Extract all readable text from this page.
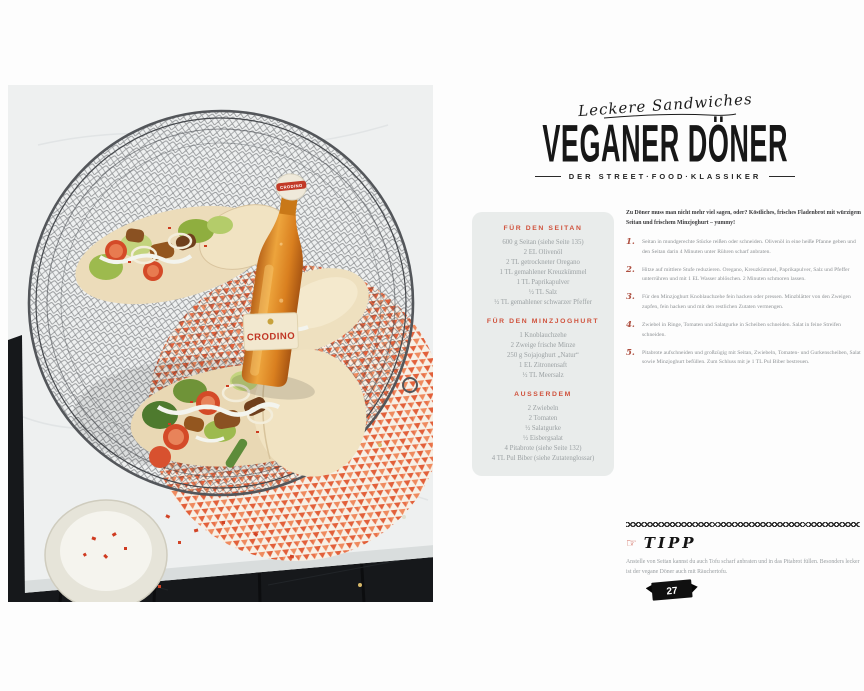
CRODINO
CRODINO
Leckere Sandwiches
VEGANER DÖNER
DER STREET·FOOD·KLASSIKER
FÜR DEN SEITAN
600 g Seitan (siehe Seite 135)
2 EL Olivenöl
2 TL getrockneter Oregano
1 TL gemahlener Kreuzkümmel
1 TL Paprikapulver
½ TL Salz
½ TL gemahlener schwarzer Pfeffer
FÜR DEN MINZJOGHURT
1 Knoblauchzehe
2 Zweige frische Minze
250 g Sojajoghurt „Natur“
1 EL Zitronensaft
½ TL Meersalz
AUSSERDEM
2 Zwiebeln
2 Tomaten
½ Salatgurke
½ Eisbergsalat
4 Pitabrote (siehe Seite 132)
4 TL Pul Biber (siehe Zutatenglossar)

Zu Döner muss man nicht mehr viel sagen, oder? Köstliches, frisches Fladenbrot mit würzigem Seitan und frischem Minzjoghurt – yummy!

1.	Seitan in mundgerechte Stücke reißen oder schneiden. Olivenöl in eine heiße Pfanne geben und den Seitan darin 4 Minuten unter Rühren scharf anbraten.
2.	Hitze auf mittlere Stufe reduzieren. Oregano, Kreuzkümmel, Paprikapulver, Salz und Pfeffer unterrühren und mit 1 EL Wasser ablöschen. 2 Minuten schmoren lassen.
3.	Für den Minzjoghurt Knoblauchzehe fein hacken oder pressen. Minzblätter von den Zweigen zupfen, fein hacken und mit den restlichen Zutaten vermengen.
4.	Zwiebel in Ringe, Tomaten und Salatgurke in Scheiben schneiden. Salat in feine Streifen schneiden.
5.	Pitabrote aufschneiden und großzügig mit Seitan, Zwiebeln, Tomaten- und Gurkenscheiben, Salat sowie Minzjoghurt befüllen. Zum Schluss mit je 1 TL Pul Biber bestreuen.
☞ TIPP

Anstelle von Seitan kannst du auch Tofu scharf anbraten und in das Pitabrot füllen. Besonders lecker ist der vegane Döner auch mit Räuchertofu.

27
